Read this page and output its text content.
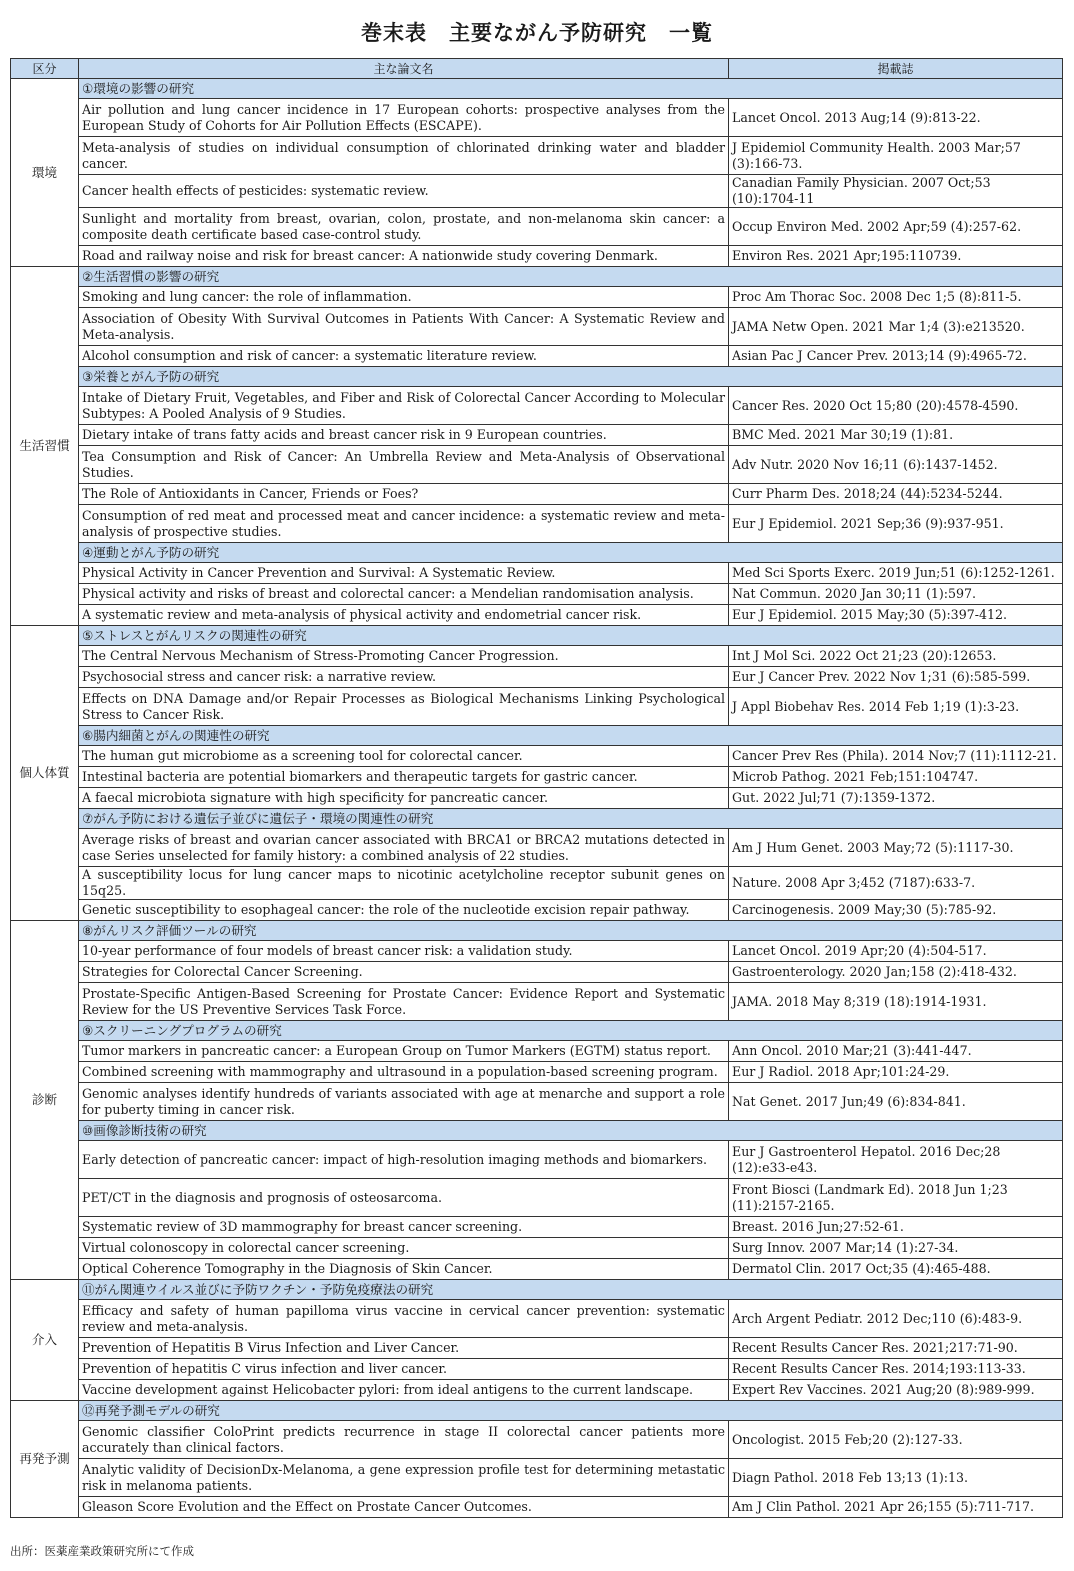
巻末表　主要ながん予防研究　一覧
区分	主な論文名	掲載誌
環境	①環境の影響の研究	
	Air pollution and lung cancer incidence in 17 European cohorts: prospective analyses from the European Study of Cohorts for Air Pollution Effects (ESCAPE).	Lancet Oncol. 2013 Aug;14 (9):813-22.
	Meta-analysis of studies on individual consumption of chlorinated drinking water and bladder cancer.	J Epidemiol Community Health. 2003 Mar;57 (3):166-73.
	Cancer health effects of pesticides: systematic review.	Canadian Family Physician. 2007 Oct;53 (10):1704-11
	Sunlight and mortality from breast, ovarian, colon, prostate, and non-melanoma skin cancer: a composite death certificate based case-control study.	Occup Environ Med. 2002 Apr;59 (4):257-62.
	Road and railway noise and risk for breast cancer: A nationwide study covering Denmark.	Environ Res. 2021 Apr;195:110739.
生活習慣	②生活習慣の影響の研究	
	Smoking and lung cancer: the role of inflammation.	Proc Am Thorac Soc. 2008 Dec 1;5 (8):811-5.
	Association of Obesity With Survival Outcomes in Patients With Cancer: A Systematic Review and Meta-analysis.	JAMA Netw Open. 2021 Mar 1;4 (3):e213520.
	Alcohol consumption and risk of cancer: a systematic literature review.	Asian Pac J Cancer Prev. 2013;14 (9):4965-72.
	③栄養とがん予防の研究	
	Intake of Dietary Fruit, Vegetables, and Fiber and Risk of Colorectal Cancer According to Molecular Subtypes: A Pooled Analysis of 9 Studies.	Cancer Res. 2020 Oct 15;80 (20):4578-4590.
	Dietary intake of trans fatty acids and breast cancer risk in 9 European countries.	BMC Med. 2021 Mar 30;19 (1):81.
	Tea Consumption and Risk of Cancer: An Umbrella Review and Meta-Analysis of Observational Studies.	Adv Nutr. 2020 Nov 16;11 (6):1437-1452.
	The Role of Antioxidants in Cancer, Friends or Foes?	Curr Pharm Des. 2018;24 (44):5234-5244.
	Consumption of red meat and processed meat and cancer incidence: a systematic review and meta-analysis of prospective studies.	Eur J Epidemiol. 2021 Sep;36 (9):937-951.
	④運動とがん予防の研究	
	Physical Activity in Cancer Prevention and Survival: A Systematic Review.	Med Sci Sports Exerc. 2019 Jun;51 (6):1252-1261.
	Physical activity and risks of breast and colorectal cancer: a Mendelian randomisation analysis.	Nat Commun. 2020 Jan 30;11 (1):597.
	A systematic review and meta-analysis of physical activity and endometrial cancer risk.	Eur J Epidemiol. 2015 May;30 (5):397-412.
個人体質	⑤ストレスとがんリスクの関連性の研究	
	The Central Nervous Mechanism of Stress-Promoting Cancer Progression.	Int J Mol Sci. 2022 Oct 21;23 (20):12653.
	Psychosocial stress and cancer risk: a narrative review.	Eur J Cancer Prev. 2022 Nov 1;31 (6):585-599.
	Effects on DNA Damage and/or Repair Processes as Biological Mechanisms Linking Psychological Stress to Cancer Risk.	J Appl Biobehav Res. 2014 Feb 1;19 (1):3-23.
	⑥腸内細菌とがんの関連性の研究	
	The human gut microbiome as a screening tool for colorectal cancer.	Cancer Prev Res (Phila). 2014 Nov;7 (11):1112-21.
	Intestinal bacteria are potential biomarkers and therapeutic targets for gastric cancer.	Microb Pathog. 2021 Feb;151:104747.
	A faecal microbiota signature with high specificity for pancreatic cancer.	Gut. 2022 Jul;71 (7):1359-1372.
	⑦がん予防における遺伝子並びに遺伝子・環境の関連性の研究	
	Average risks of breast and ovarian cancer associated with BRCA1 or BRCA2 mutations detected in case Series unselected for family history: a combined analysis of 22 studies.	Am J Hum Genet. 2003 May;72 (5):1117-30.
	A susceptibility locus for lung cancer maps to nicotinic acetylcholine receptor subunit genes on 15q25.	Nature. 2008 Apr 3;452 (7187):633-7.
	Genetic susceptibility to esophageal cancer: the role of the nucleotide excision repair pathway.	Carcinogenesis. 2009 May;30 (5):785-92.
診断	⑧がんリスク評価ツールの研究	
	10-year performance of four models of breast cancer risk: a validation study.	Lancet Oncol. 2019 Apr;20 (4):504-517.
	Strategies for Colorectal Cancer Screening.	Gastroenterology. 2020 Jan;158 (2):418-432.
	Prostate-Specific Antigen-Based Screening for Prostate Cancer: Evidence Report and Systematic Review for the US Preventive Services Task Force.	JAMA. 2018 May 8;319 (18):1914-1931.
	⑨スクリーニングプログラムの研究	
	Tumor markers in pancreatic cancer: a European Group on Tumor Markers (EGTM) status report.	Ann Oncol. 2010 Mar;21 (3):441-447.
	Combined screening with mammography and ultrasound in a population-based screening program.	Eur J Radiol. 2018 Apr;101:24-29.
	Genomic analyses identify hundreds of variants associated with age at menarche and support a role for puberty timing in cancer risk.	Nat Genet. 2017 Jun;49 (6):834-841.
	⑩画像診断技術の研究	
	Early detection of pancreatic cancer: impact of high-resolution imaging methods and biomarkers.	Eur J Gastroenterol Hepatol. 2016 Dec;28 (12):e33-e43.
	PET/CT in the diagnosis and prognosis of osteosarcoma.	Front Biosci (Landmark Ed). 2018 Jun 1;23 (11):2157-2165.
	Systematic review of 3D mammography for breast cancer screening.	Breast. 2016 Jun;27:52-61.
	Virtual colonoscopy in colorectal cancer screening.	Surg Innov. 2007 Mar;14 (1):27-34.
	Optical Coherence Tomography in the Diagnosis of Skin Cancer.	Dermatol Clin. 2017 Oct;35 (4):465-488.
介入	⑪がん関連ウイルス並びに予防ワクチン・予防免疫療法の研究	
	Efficacy and safety of human papilloma virus vaccine in cervical cancer prevention: systematic review and meta-analysis.	Arch Argent Pediatr. 2012 Dec;110 (6):483-9.
	Prevention of Hepatitis B Virus Infection and Liver Cancer.	Recent Results Cancer Res. 2021;217:71-90.
	Prevention of hepatitis C virus infection and liver cancer.	Recent Results Cancer Res. 2014;193:113-33.
	Vaccine development against Helicobacter pylori: from ideal antigens to the current landscape.	Expert Rev Vaccines. 2021 Aug;20 (8):989-999.
再発予測	⑫再発予測モデルの研究	
	Genomic classifier ColoPrint predicts recurrence in stage II colorectal cancer patients more accurately than clinical factors.	Oncologist. 2015 Feb;20 (2):127-33.
	Analytic validity of DecisionDx-Melanoma, a gene expression profile test for determining metastatic risk in melanoma patients.	Diagn Pathol. 2018 Feb 13;13 (1):13.
	Gleason Score Evolution and the Effect on Prostate Cancer Outcomes.	Am J Clin Pathol. 2021 Apr 26;155 (5):711-717.
出所：医薬産業政策研究所にて作成
